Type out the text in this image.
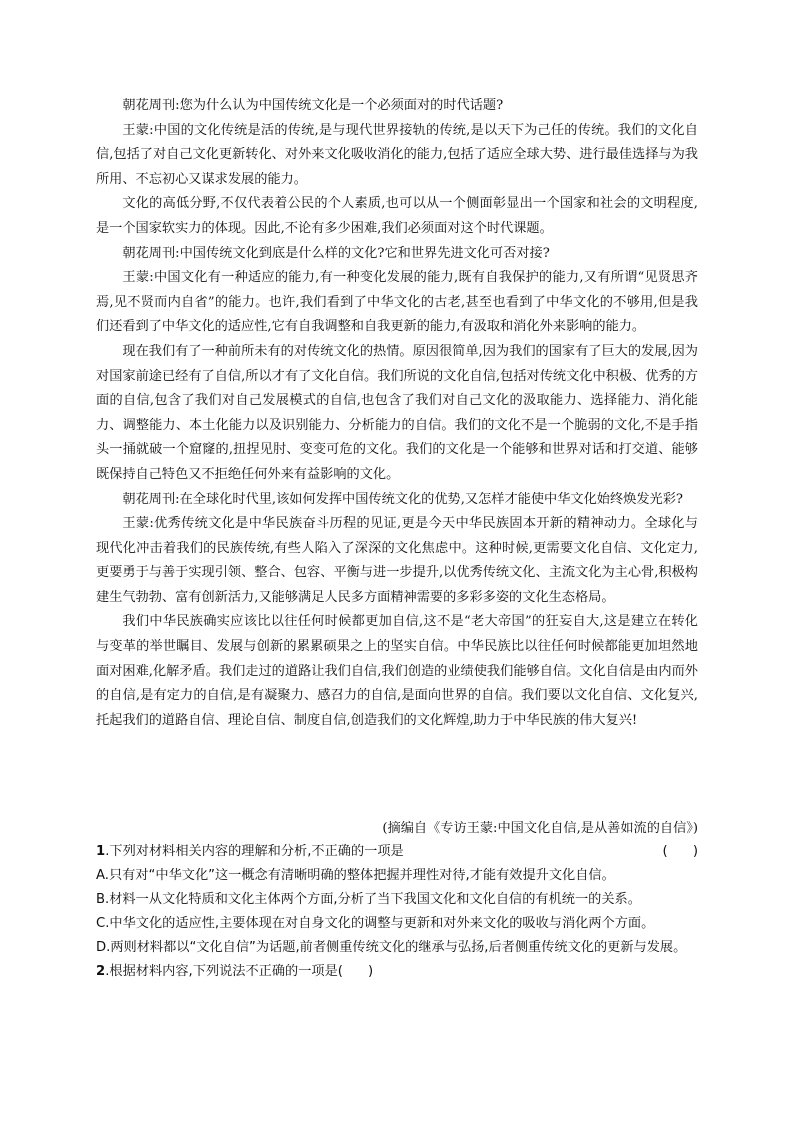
朝花周刊:您为什么认为中国传统文化是一个必须面对的时代话题?

王蒙:中国的文化传统是活的传统,是与现代世界接轨的传统,是以天下为己任的传统。我们的文化自信,包括了对自己文化更新转化、对外来文化吸收消化的能力,包括了适应全球大势、进行最佳选择与为我所用、不忘初心又谋求发展的能力。

文化的高低分野,不仅代表着公民的个人素质,也可以从一个侧面彰显出一个国家和社会的文明程度,是一个国家软实力的体现。因此,不论有多少困难,我们必须面对这个时代课题。

朝花周刊:中国传统文化到底是什么样的文化?它和世界先进文化可否对接?

王蒙:中国文化有一种适应的能力,有一种变化发展的能力,既有自我保护的能力,又有所谓“见贤思齐焉,见不贤而内自省”的能力。也许,我们看到了中华文化的古老,甚至也看到了中华文化的不够用,但是我们还看到了中华文化的适应性,它有自我调整和自我更新的能力,有汲取和消化外来影响的能力。

现在我们有了一种前所未有的对传统文化的热情。原因很简单,因为我们的国家有了巨大的发展,因为对国家前途已经有了自信,所以才有了文化自信。我们所说的文化自信,包括对传统文化中积极、优秀的方面的自信,包含了我们对自己发展模式的自信,也包含了我们对自己文化的汲取能力、选择能力、消化能力、调整能力、本土化能力以及识别能力、分析能力的自信。我们的文化不是一个脆弱的文化,不是手指头一捅就破一个窟窿的,扭捏见肘、变变可危的文化。我们的文化是一个能够和世界对话和打交道、能够既保持自己特色又不拒绝任何外来有益影响的文化。

朝花周刊:在全球化时代里,该如何发挥中国传统文化的优势,又怎样才能使中华文化始终焕发光彩?

王蒙:优秀传统文化是中华民族奋斗历程的见证,更是今天中华民族固本开新的精神动力。全球化与现代化冲击着我们的民族传统,有些人陷入了深深的文化焦虑中。这种时候,更需要文化自信、文化定力,更要勇于与善于实现引领、整合、包容、平衡与进一步提升,以优秀传统文化、主流文化为主心骨,积极构建生气勃勃、富有创新活力,又能够满足人民多方面精神需要的多彩多姿的文化生态格局。

我们中华民族确实应该比以往任何时候都更加自信,这不是“老大帝国”的狂妄自大,这是建立在转化与变革的举世瞩目、发展与创新的累累硕果之上的坚实自信。中华民族比以往任何时候都能更加坦然地面对困难,化解矛盾。我们走过的道路让我们自信,我们创造的业绩使我们能够自信。文化自信是由内而外的自信,是有定力的自信,是有凝聚力、感召力的自信,是面向世界的自信。我们要以文化自信、文化复兴,托起我们的道路自信、理论自信、制度自信,创造我们的文化辉煌,助力于中华民族的伟大复兴!

(摘编自《专访王蒙:中国文化自信,是从善如流的自信》)
1.下列对材料相关内容的理解和分析,不正确的一项是	(      )
A.只有对“中华文化”这一概念有清晰明确的整体把握并理性对待,才能有效提升文化自信。
B.材料一从文化特质和文化主体两个方面,分析了当下我国文化和文化自信的有机统一的关系。
C.中华文化的适应性,主要体现在对自身文化的调整与更新和对外来文化的吸收与消化两个方面。
D.两则材料都以“文化自信”为话题,前者侧重传统文化的继承与弘扬,后者侧重传统文化的更新与发展。
2.根据材料内容,下列说法不正确的一项是(      )
